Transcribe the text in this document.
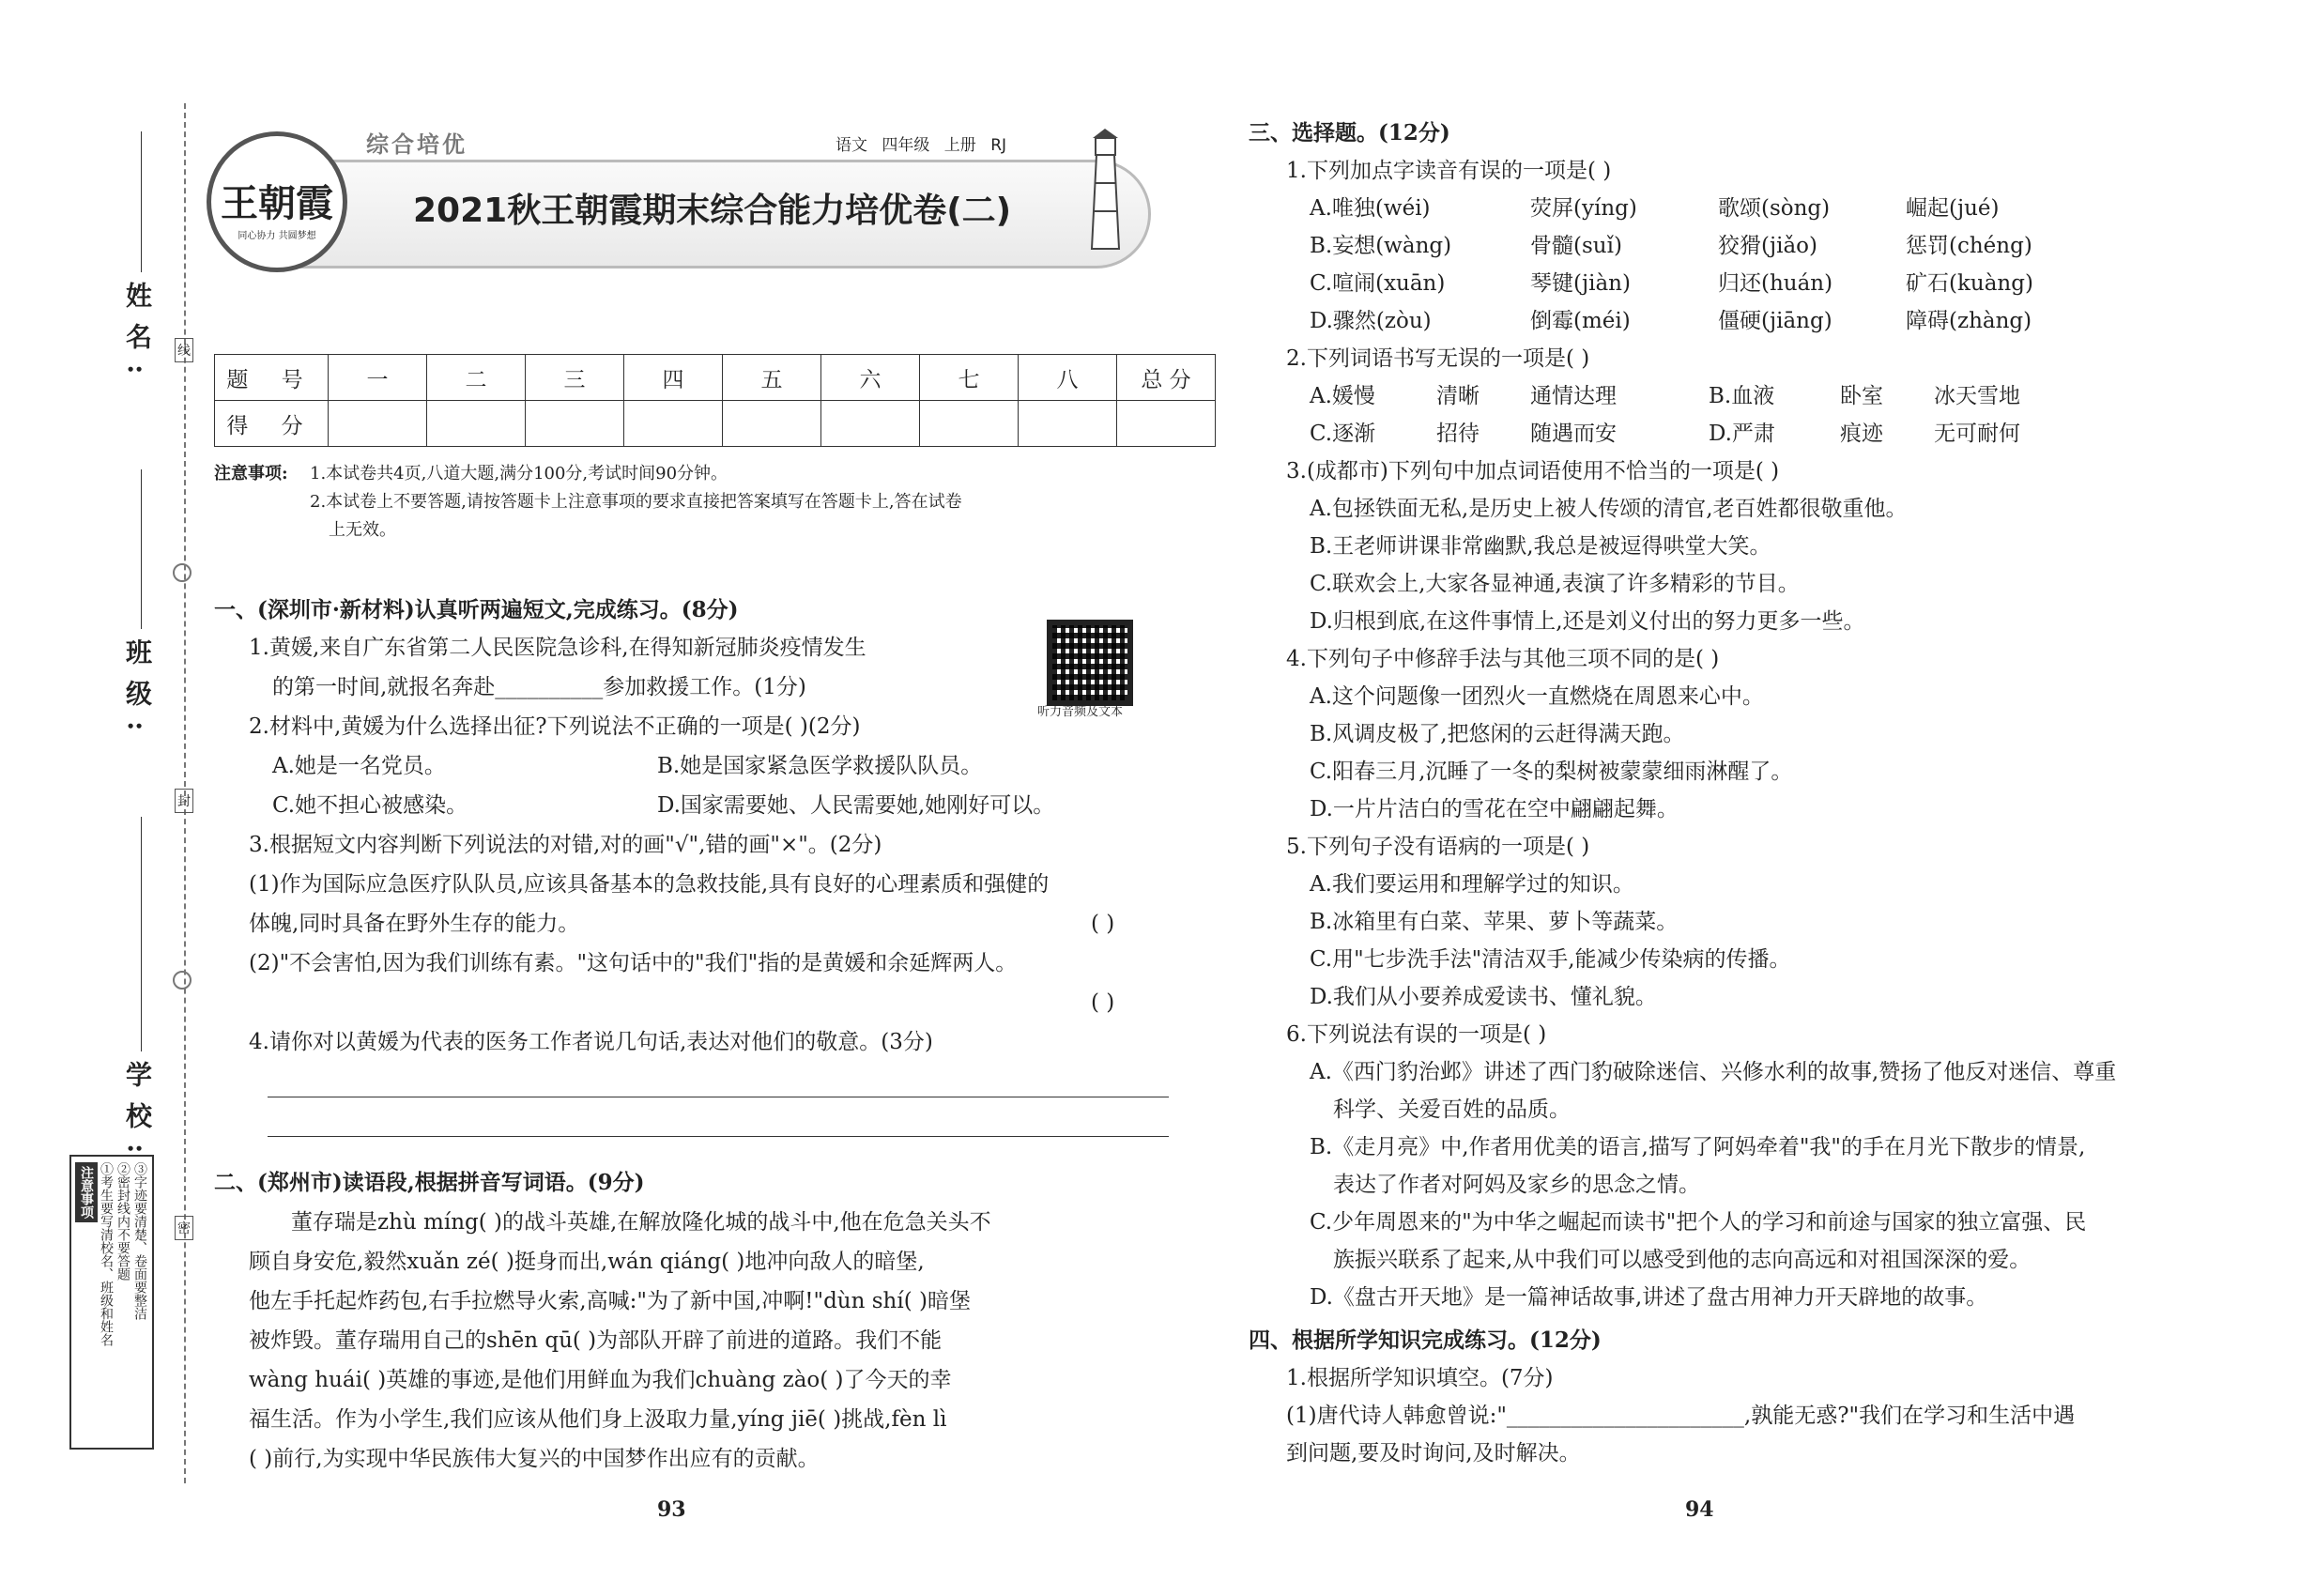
线
封
密
姓名:
班级:
学校:
注意事项 ①考生要写清校名、班级和姓名 ②密封线内不要答题 ③字迹要清楚、卷面要整洁
王朝霞
同心协力 共圆梦想
综合培优	语文 四年级 上册 RJ
2021秋王朝霞期末综合能力培优卷(二)
题 号	一	二	三	四	五	六	七	八	总 分
得 分									
注意事项: 1.本试卷共4页,八道大题,满分100分,考试时间90分钟。
2.本试卷上不要答题,请按答题卡上注意事项的要求直接把答案填写在答题卡上,答在试卷
上无效。
一、(深圳市·新材料)认真听两遍短文,完成练习。(8分)
听力音频及文本
1.黄媛,来自广东省第二人民医院急诊科,在得知新冠肺炎疫情发生
的第一时间,就报名奔赴__________参加救援工作。(1分)
2.材料中,黄媛为什么选择出征?下列说法不正确的一项是( )(2分)
A.她是一名党员。	B.她是国家紧急医学救援队队员。
C.她不担心被感染。	D.国家需要她、人民需要她,她刚好可以。
3.根据短文内容判断下列说法的对错,对的画"√",错的画"×"。(2分)
(1)作为国际应急医疗队队员,应该具备基本的急救技能,具有良好的心理素质和强健的
体魄,同时具备在野外生存的能力。	( )
(2)"不会害怕,因为我们训练有素。"这句话中的"我们"指的是黄媛和余延辉两人。
( )
4.请你对以黄媛为代表的医务工作者说几句话,表达对他们的敬意。(3分)
二、(郑州市)读语段,根据拼音写词语。(9分)
董存瑞是zhù míng( )的战斗英雄,在解放隆化城的战斗中,他在危急关头不
顾自身安危,毅然xuǎn zé( )挺身而出,wán qiáng( )地冲向敌人的暗堡,
他左手托起炸药包,右手拉燃导火索,高喊:"为了新中国,冲啊!"dùn shí( )暗堡
被炸毁。董存瑞用自己的shēn qū( )为部队开辟了前进的道路。我们不能
wàng huái( )英雄的事迹,是他们用鲜血为我们chuàng zào( )了今天的幸
福生活。作为小学生,我们应该从他们身上汲取力量,yíng jiē( )挑战,fèn lì
( )前行,为实现中华民族伟大复兴的中国梦作出应有的贡献。
93	94
三、选择题。(12分)
1.下列加点字读音有误的一项是( )
A.唯独(wéi)	荧屏(yíng)	歌颂(sòng)	崛起(jué)
B.妄想(wàng)	骨髓(suǐ)	狡猾(jiǎo)	惩罚(chéng)
C.喧闹(xuān)	琴键(jiàn)	归还(huán)	矿石(kuàng)
D.骤然(zòu)	倒霉(méi)	僵硬(jiāng)	障碍(zhàng)
2.下列词语书写无误的一项是( )
A.媛慢	清晰 通情达理	B.血液	卧室 冰天雪地
C.逐渐	招待 随遇而安	D.严肃	痕迹 无可耐何
3.(成都市)下列句中加点词语使用不恰当的一项是( )
A.包拯铁面无私,是历史上被人传颂的清官,老百姓都很敬重他。
B.王老师讲课非常幽默,我总是被逗得哄堂大笑。
C.联欢会上,大家各显神通,表演了许多精彩的节目。
D.归根到底,在这件事情上,还是刘义付出的努力更多一些。
4.下列句子中修辞手法与其他三项不同的是( )
A.这个问题像一团烈火一直燃烧在周恩来心中。
B.风调皮极了,把悠闲的云赶得满天跑。
C.阳春三月,沉睡了一冬的梨树被蒙蒙细雨淋醒了。
D.一片片洁白的雪花在空中翩翩起舞。
5.下列句子没有语病的一项是( )
A.我们要运用和理解学过的知识。
B.冰箱里有白菜、苹果、萝卜等蔬菜。
C.用"七步洗手法"清洁双手,能减少传染病的传播。
D.我们从小要养成爱读书、懂礼貌。
6.下列说法有误的一项是( )
A.《西门豹治邺》讲述了西门豹破除迷信、兴修水利的故事,赞扬了他反对迷信、尊重
科学、关爱百姓的品质。
B.《走月亮》中,作者用优美的语言,描写了阿妈牵着"我"的手在月光下散步的情景,
表达了作者对阿妈及家乡的思念之情。
C.少年周恩来的"为中华之崛起而读书"把个人的学习和前途与国家的独立富强、民
族振兴联系了起来,从中我们可以感受到他的志向高远和对祖国深深的爱。
D.《盘古开天地》是一篇神话故事,讲述了盘古用神力开天辟地的故事。
四、根据所学知识完成练习。(12分)
1.根据所学知识填空。(7分)
(1)唐代诗人韩愈曾说:"______________________,孰能无惑?"我们在学习和生活中遇
到问题,要及时询问,及时解决。
